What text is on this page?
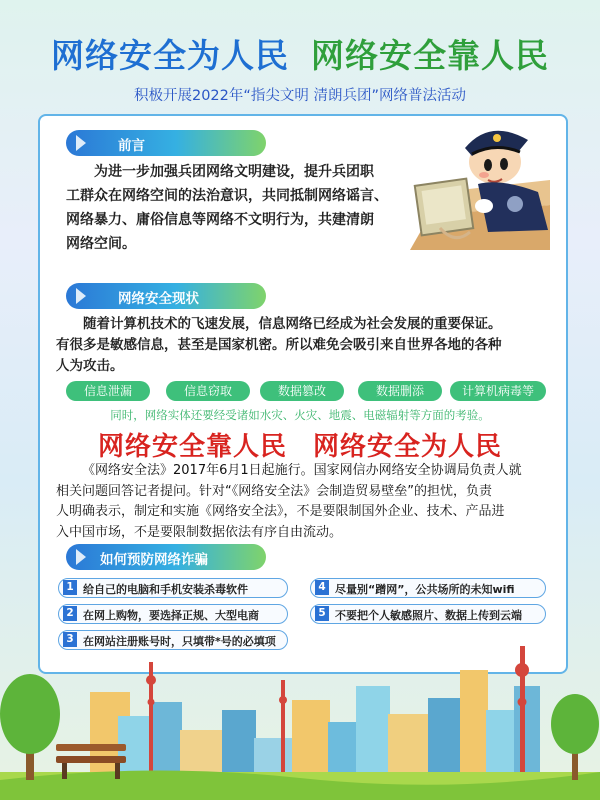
网络安全为人民 网络安全靠人民
积极开展2022年“指尖文明 清朗兵团”网络普法活动
前言
为进一步加强兵团网络文明建设，提升兵团职
工群众在网络空间的法治意识，共同抵制网络谣言、
网络暴力、庸俗信息等网络不文明行为，共建清朗
网络空间。
网络安全现状
随着计算机技术的飞速发展，信息网络已经成为社会发展的重要保证。
有很多是敏感信息，甚至是国家机密。所以难免会吸引来自世界各地的各种
人为攻击。
信息泄漏	信息窃取	数据篡改	数据删添	计算机病毒等
同时，网络实体还要经受诸如水灾、火灾、地震、电磁辐射等方面的考验。
网络安全靠人民 网络安全为人民
《网络安全法》2017年6月1日起施行。国家网信办网络安全协调局负责人就
相关问题回答记者提问。针对“《网络安全法》会制造贸易壁垒”的担忧，负责
人明确表示，制定和实施《网络安全法》，不是要限制国外企业、技术、产品进
入中国市场，不是要限制数据依法有序自由流动。
如何预防网络诈骗
1 给自己的电脑和手机安装杀毒软件
2 在网上购物，要选择正规、大型电商
3 在网站注册账号时，只填带*号的必填项
4 尽量别“蹭网”，公共场所的未知wifi
5 不要把个人敏感照片、数据上传到云端
